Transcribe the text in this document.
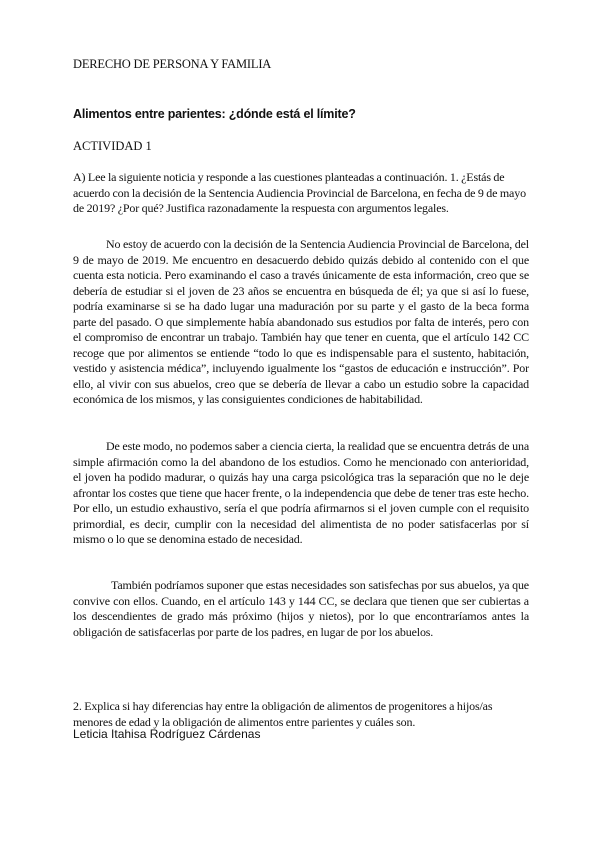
DERECHO DE PERSONA Y FAMILIA
Alimentos entre parientes: ¿dónde está el límite?
ACTIVIDAD 1
A) Lee la siguiente noticia y responde a las cuestiones planteadas a continuación. 1. ¿Estás de acuerdo con la decisión de la Sentencia Audiencia Provincial de Barcelona, en fecha de 9 de mayo de 2019? ¿Por qué? Justifica razonadamente la respuesta con argumentos legales.
No estoy de acuerdo con la decisión de la Sentencia Audiencia Provincial de Barcelona, del 9 de mayo de 2019. Me encuentro en desacuerdo debido quizás debido al contenido con el que cuenta esta noticia. Pero examinando el caso a través únicamente de esta información, creo que se debería de estudiar si el joven de 23 años se encuentra en búsqueda de él; ya que si así lo fuese, podría examinarse si se ha dado lugar una maduración por su parte y el gasto de la beca forma parte del pasado. O que simplemente había abandonado sus estudios por falta de interés, pero con el compromiso de encontrar un trabajo. También hay que tener en cuenta, que el artículo 142 CC recoge que por alimentos se entiende “todo lo que es indispensable para el sustento, habitación, vestido y asistencia médica”, incluyendo igualmente los “gastos de educación e instrucción”. Por ello, al vivir con sus abuelos, creo que se debería de llevar a cabo un estudio sobre la capacidad económica de los mismos, y las consiguientes condiciones de habitabilidad.
De este modo, no podemos saber a ciencia cierta, la realidad que se encuentra detrás de una simple afirmación como la del abandono de los estudios. Como he mencionado con anterioridad, el joven ha podido madurar, o quizás hay una carga psicológica tras la separación que no le deje afrontar los costes que tiene que hacer frente, o la independencia que debe de tener tras este hecho. Por ello, un estudio exhaustivo, sería el que podría afirmarnos si el joven cumple con el requisito primordial, es decir, cumplir con la necesidad del alimentista de no poder satisfacerlas por sí mismo o lo que se denomina estado de necesidad.
También podríamos suponer que estas necesidades son satisfechas por sus abuelos, ya que convive con ellos. Cuando, en el artículo 143 y 144 CC, se declara que tienen que ser cubiertas a los descendientes de grado más próximo (hijos y nietos), por lo que encontraríamos antes la obligación de satisfacerlas por parte de los padres, en lugar de por los abuelos.
2. Explica si hay diferencias hay entre la obligación de alimentos de progenitores a hijos/as menores de edad y la obligación de alimentos entre parientes y cuáles son.
Leticia Itahisa Rodríguez Cárdenas
